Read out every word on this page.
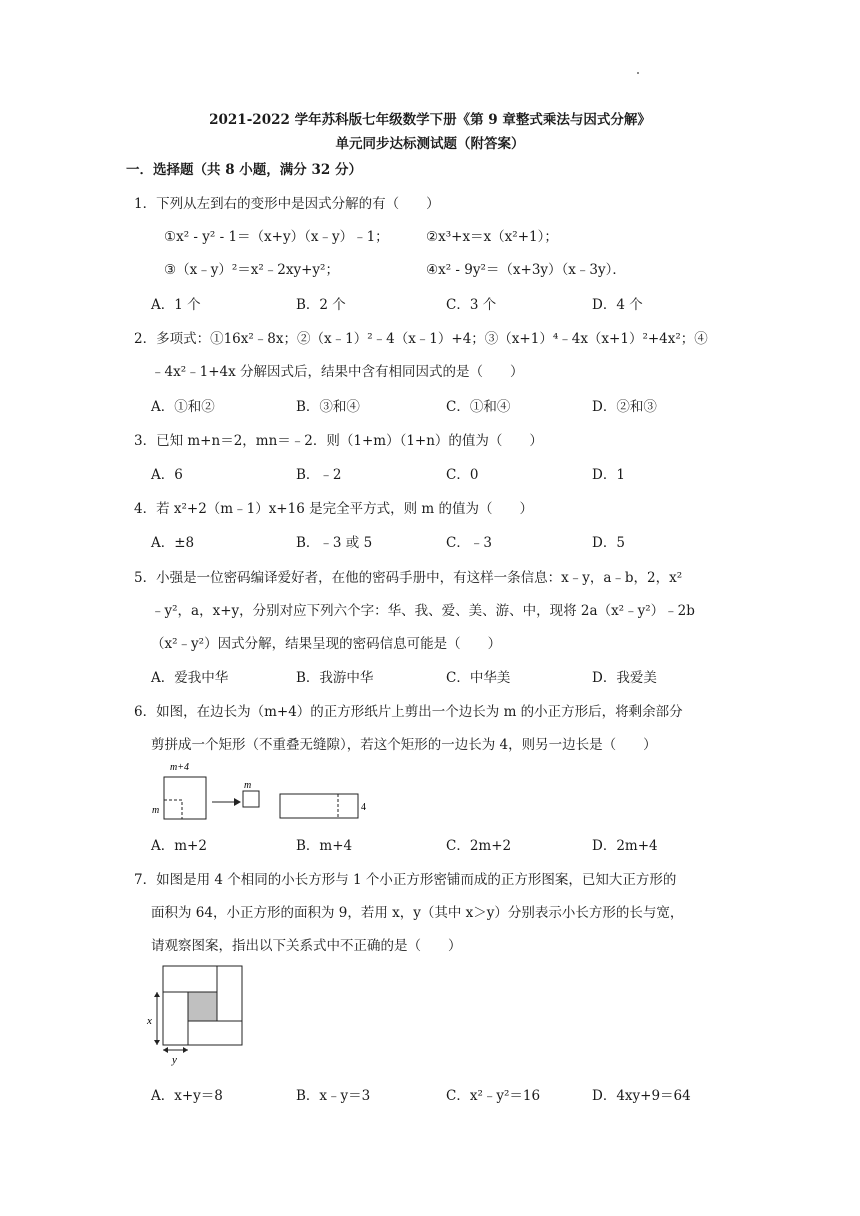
2021-2022 学年苏科版七年级数学下册《第 9 章整式乘法与因式分解》
单元同步达标测试题（附答案）
一．选择题（共 8 小题，满分 32 分）
1．下列从左到右的变形中是因式分解的有（　　）
①x² - y² - 1＝（x+y）（x﹣y）﹣1；	②x³+x＝x（x²+1）；
③（x﹣y）²＝x²﹣2xy+y²；	④x² - 9y²＝（x+3y）（x﹣3y）．
A．1 个	B．2 个	C．3 个	D．4 个
2．多项式：①16x²﹣8x；②（x﹣1）²﹣4（x﹣1）+4；③（x+1）⁴﹣4x（x+1）²+4x²；④
﹣4x²﹣1+4x 分解因式后，结果中含有相同因式的是（　　）
A．①和②	B．③和④	C．①和④	D．②和③
3．已知 m+n＝2，mn＝﹣2．则（1+m）（1+n）的值为（　　）
A．6	B．﹣2	C．0	D．1
4．若 x²+2（m﹣1）x+16 是完全平方式，则 m 的值为（　　）
A．±8	B．﹣3 或 5	C．﹣3	D．5
5．小强是一位密码编译爱好者，在他的密码手册中，有这样一条信息：x﹣y，a﹣b，2，x²
﹣y²，a，x+y，分别对应下列六个字：华、我、爱、美、游、中，现将 2a（x²﹣y²）﹣2b
（x²﹣y²）因式分解，结果呈现的密码信息可能是（　　）
A．爱我中华	B．我游中华	C．中华美	D．我爱美
6．如图，在边长为（m+4）的正方形纸片上剪出一个边长为 m 的小正方形后，将剩余部分
剪拼成一个矩形（不重叠无缝隙），若这个矩形的一边长为 4，则另一边长是（　　）
m+4
m
m
4
A．m+2	B．m+4	C．2m+2	D．2m+4
7．如图是用 4 个相同的小长方形与 1 个小正方形密铺而成的正方形图案，已知大正方形的
面积为 64，小正方形的面积为 9，若用 x，y（其中 x＞y）分别表示小长方形的长与宽，
请观察图案，指出以下关系式中不正确的是（　　）
x
y
A．x+y＝8	B．x﹣y＝3	C．x²﹣y²＝16	D．4xy+9＝64
